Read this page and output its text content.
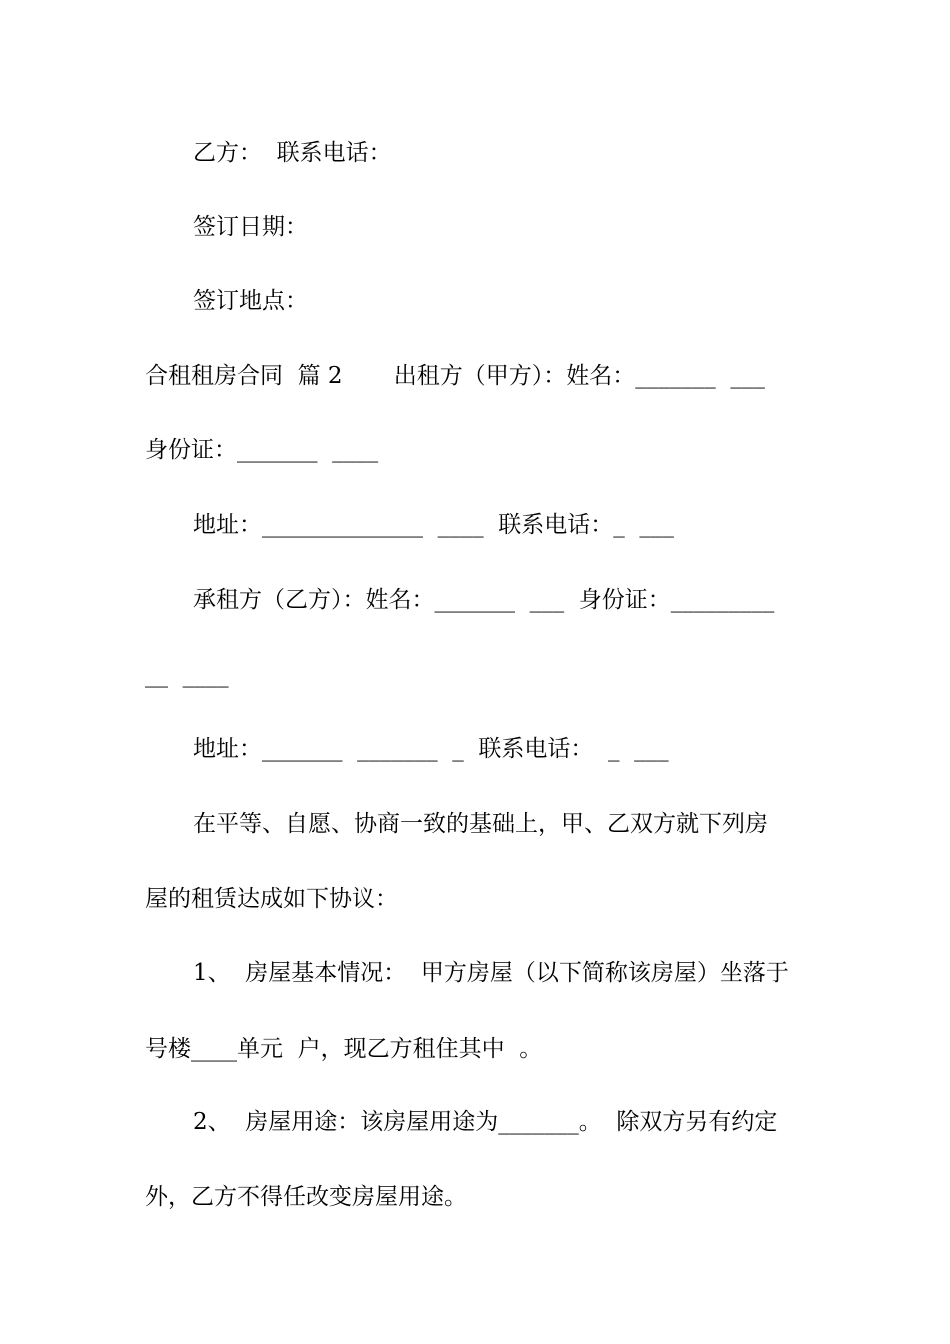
乙方：  联系电话：
签订日期：
签订地点：
合租租房合同  篇 2       出租方（甲方）：姓名：_______  ___
身份证：_______  ____
地址：______________  ____  联系电话：_  ___
承租方（乙方）：姓名：_______  ___  身份证：_________
__  ____
地址：_______  _______  _  联系电话：  _  ___
在平等、自愿、协商一致的基础上，甲、乙双方就下列房
屋的租赁达成如下协议：
1、  房屋基本情况：  甲方房屋（以下简称该房屋）坐落于
号楼____单元  户，现乙方租住其中  。
2、  房屋用途：该房屋用途为_______。  除双方另有约定
外，乙方不得任改变房屋用途。
